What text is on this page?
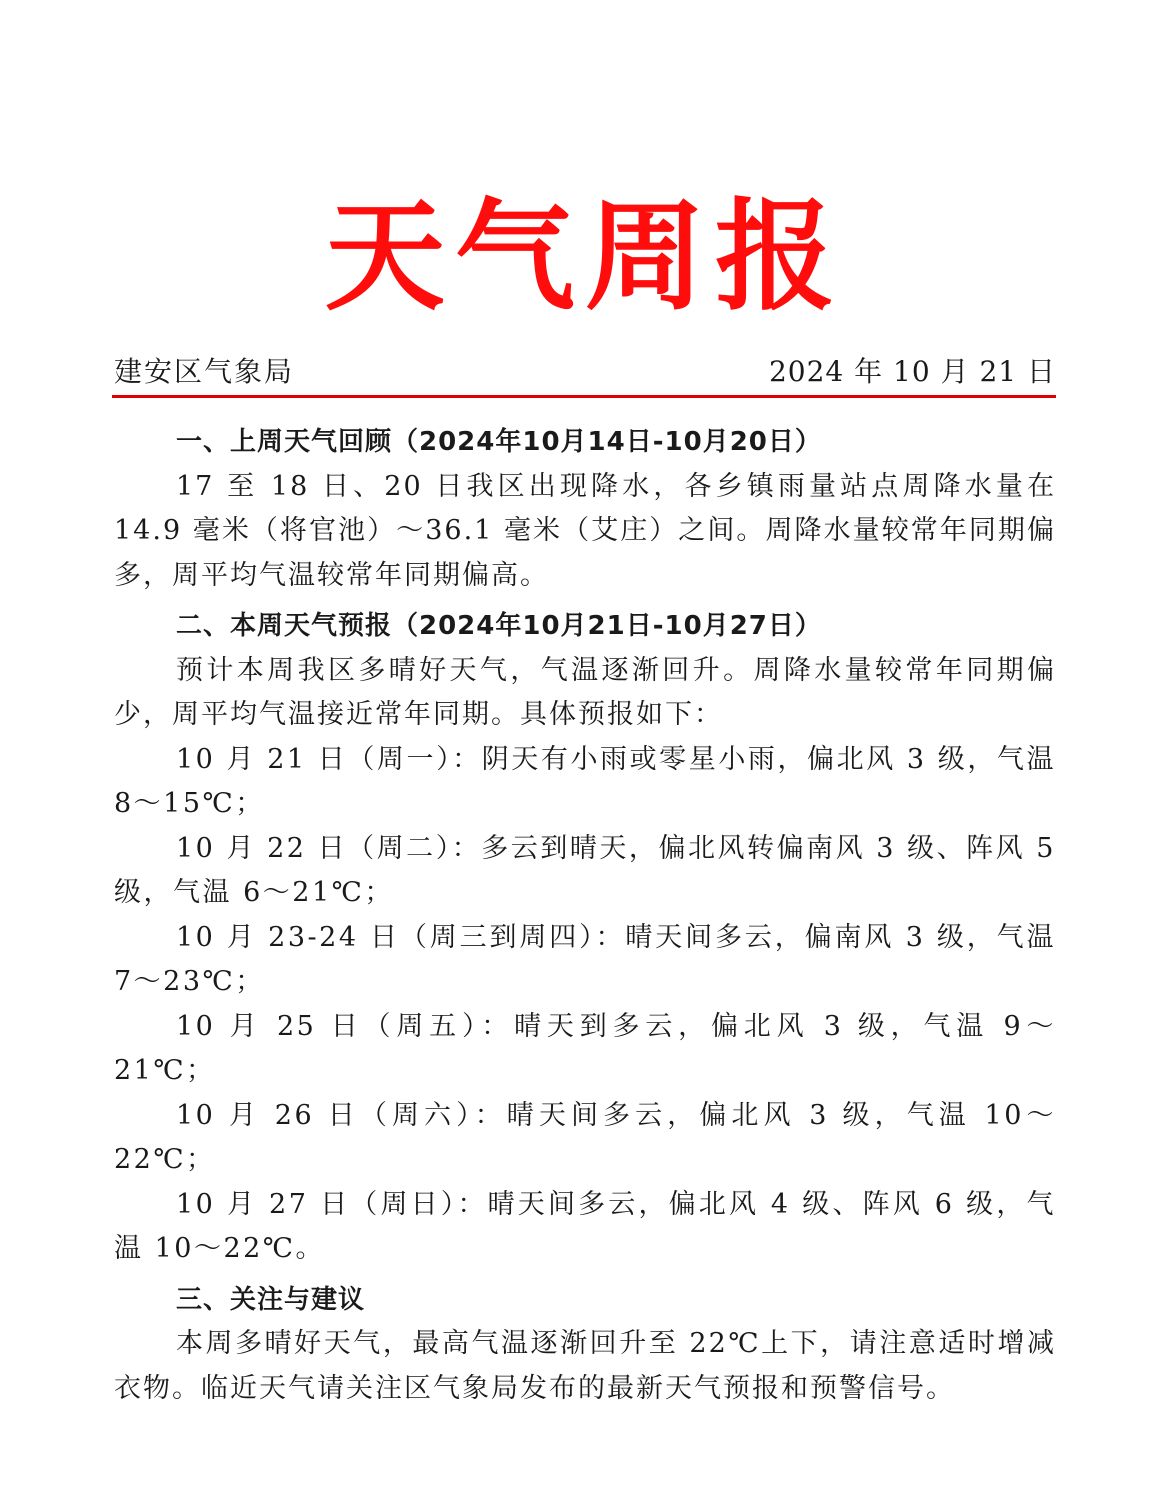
天气周报
建安区气象局	2024 年 10 月 21 日

一、上周天气回顾（2024年10月14日-10月20日）

17 至 18 日、20 日我区出现降水，各乡镇雨量站点周降水量在 14.9 毫米（将官池）～36.1 毫米（艾庄）之间。周降水量较常年同期偏多，周平均气温较常年同期偏高。

二、本周天气预报（2024年10月21日-10月27日）

预计本周我区多晴好天气，气温逐渐回升。周降水量较常年同期偏少，周平均气温接近常年同期。具体预报如下：

10 月 21 日（周一）：阴天有小雨或零星小雨，偏北风 3 级，气温 8～15℃；

10 月 22 日（周二）：多云到晴天，偏北风转偏南风 3 级、阵风 5 级，气温 6～21℃；

10 月 23-24 日（周三到周四）：晴天间多云，偏南风 3 级，气温 7～23℃；

10 月 25 日（周五）：晴天到多云，偏北风 3 级，气温 9～21℃；

10 月 26 日（周六）：晴天间多云，偏北风 3 级，气温 10～22℃；

10 月 27 日（周日）：晴天间多云，偏北风 4 级、阵风 6 级，气温 10～22℃。

三、关注与建议

本周多晴好天气，最高气温逐渐回升至 22℃上下，请注意适时增减衣物。临近天气请关注区气象局发布的最新天气预报和预警信号。
